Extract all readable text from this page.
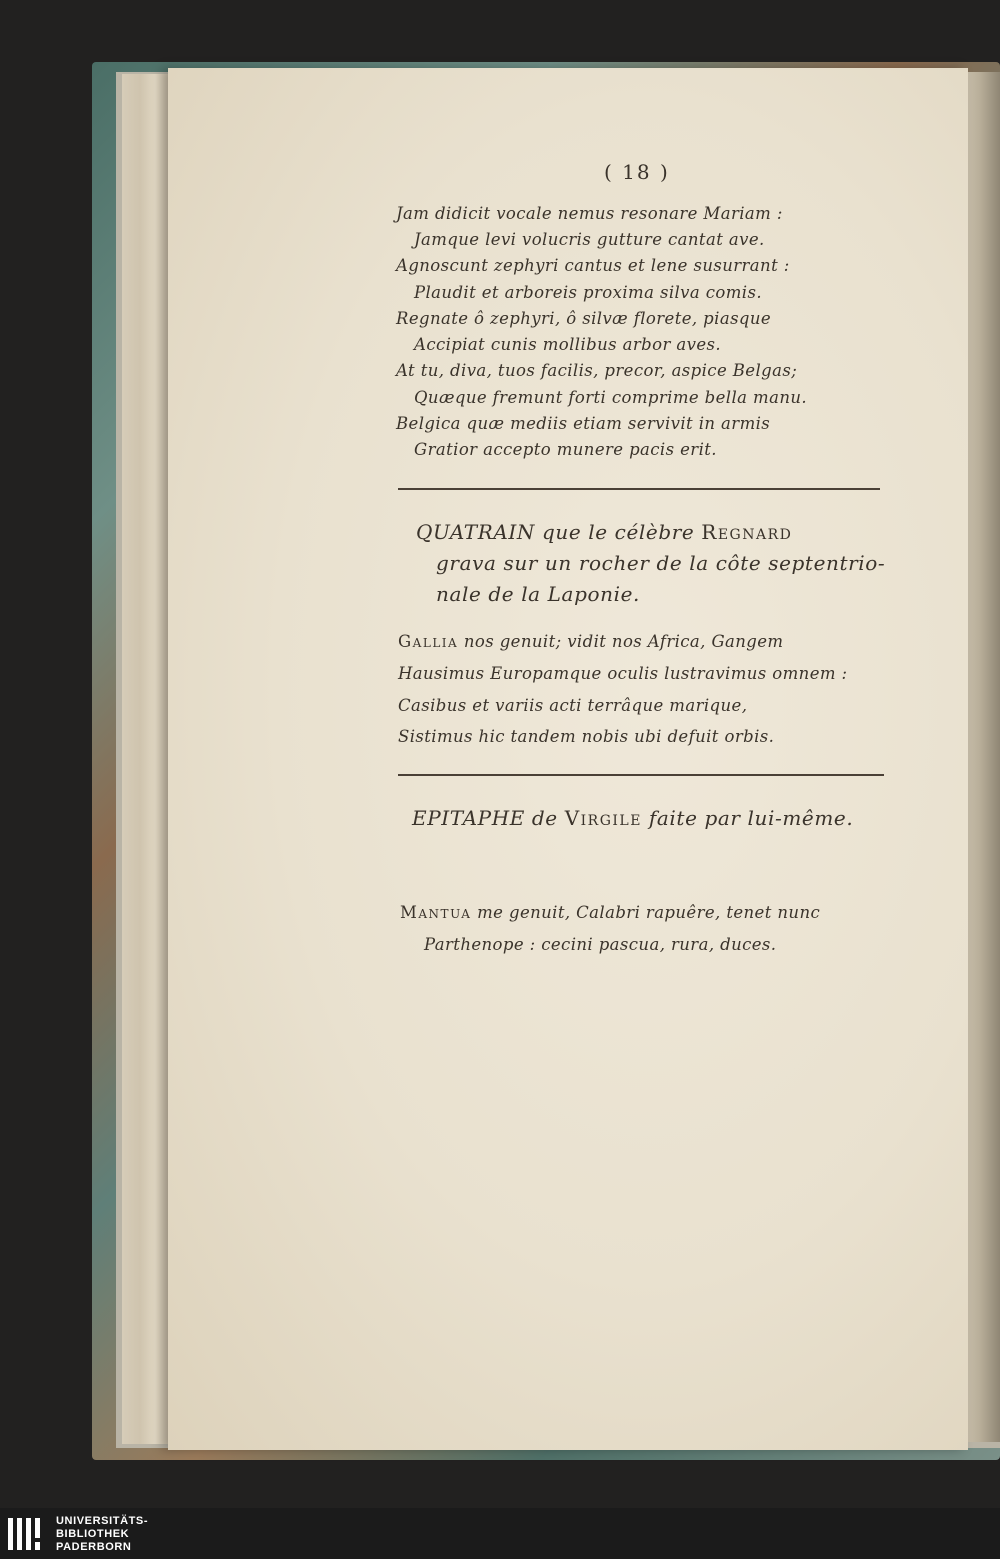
( 18 )
Jam didicit vocale nemus resonare Mariam :
Jamque levi volucris gutture cantat ave.
Agnoscunt zephyri cantus et lene susurrant :
Plaudit et arboreis proxima silva comis.
Regnate ô zephyri, ô silvæ florete, piasque
Accipiat cunis mollibus arbor aves.
At tu, diva, tuos facilis, precor, aspice Belgas;
Quæque fremunt forti comprime bella manu.
Belgica quæ mediis etiam servivit in armis
Gratior accepto munere pacis erit.
QUATRAIN que le célèbre Regnard
grava sur un rocher de la côte septentrio-
nale de la Laponie.
Gallia nos genuit; vidit nos Africa, Gangem
Hausimus Europamque oculis lustravimus omnem :
Casibus et variis acti terrâque marique,
Sistimus hic tandem nobis ubi defuit orbis.
EPITAPHE de Virgile faite par lui-même.
Mantua me genuit, Calabri rapuêre, tenet nunc
Parthenope : cecini pascua, rura, duces.
UNIVERSITÄTS-
BIBLIOTHEK
PADERBORN
